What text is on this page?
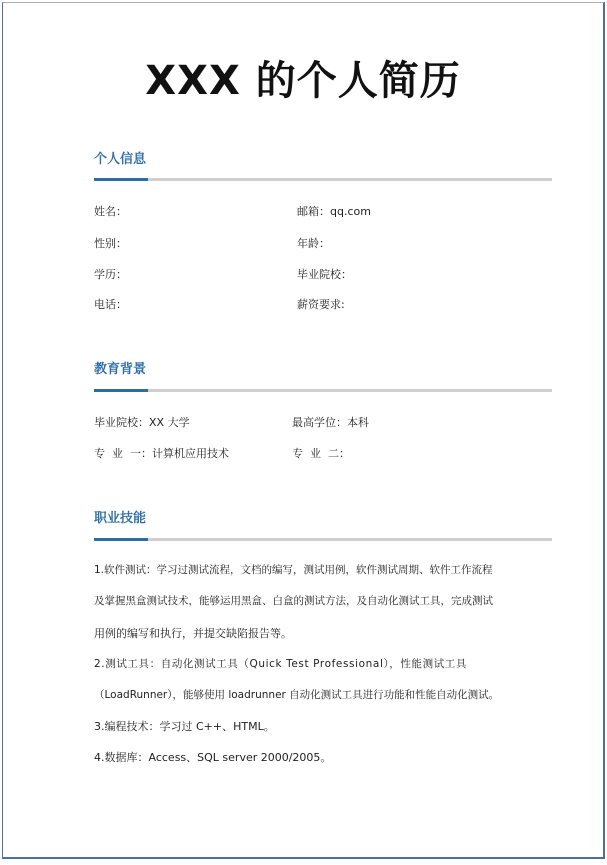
XXX 的个人简历
个人信息
姓名：	邮箱：qq.com
性别：	年龄：
学历：	毕业院校：
电话：	薪资要求:
教育背景
毕业院校：XX 大学	最高学位：本科
专  业  一：计算机应用技术	专  业  二：
职业技能
1.软件测试：学习过测试流程，文档的编写，测试用例，软件测试周期、软件工作流程
及掌握黑盒测试技术，能够运用黑盒、白盒的测试方法，及自动化测试工具，完成测试
用例的编写和执行，并提交缺陷报告等。
2.测试工具：自动化测试工具（Quick Test Professional），性能测试工具
（LoadRunner），能够使用 loadrunner 自动化测试工具进行功能和性能自动化测试。
3.编程技术：学习过 C++、HTML。
4.数据库：Access、SQL server 2000/2005。
